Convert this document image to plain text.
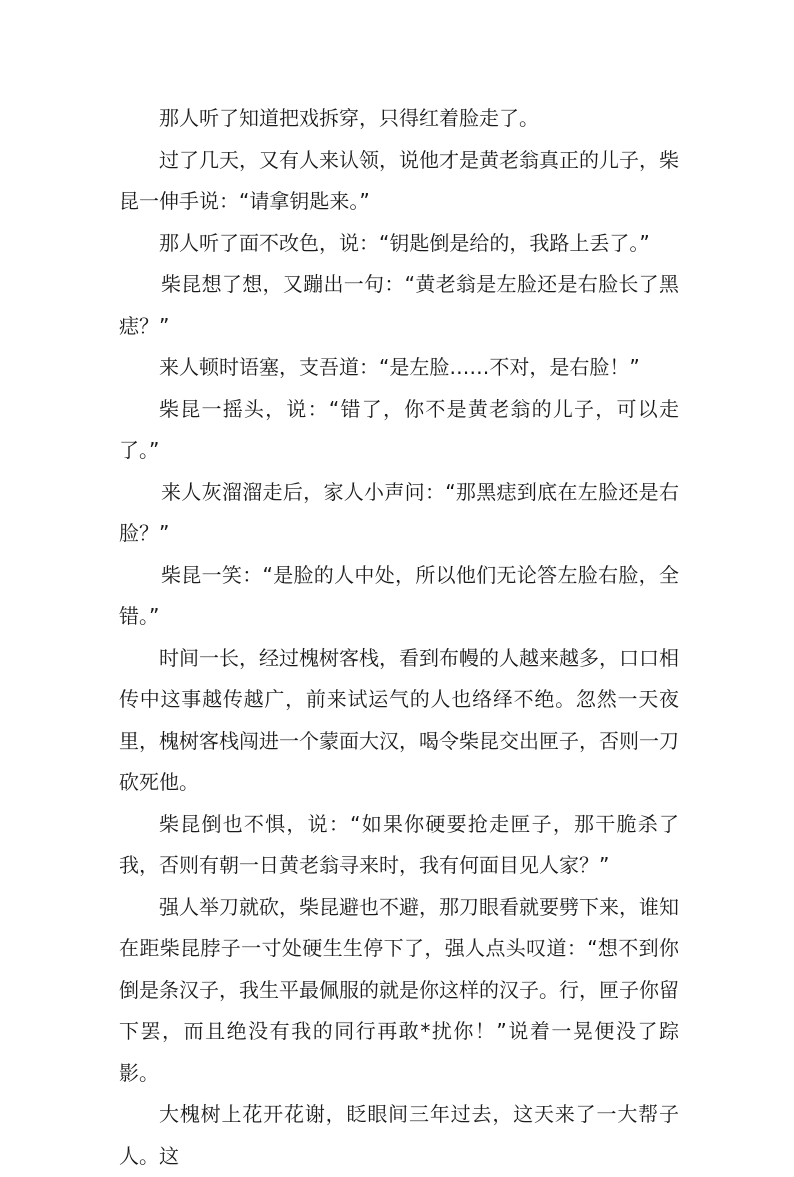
那人听了知道把戏拆穿，只得红着脸走了。

过了几天，又有人来认领，说他才是黄老翁真正的儿子，柴昆一伸手说：“请拿钥匙来。”

那人听了面不改色，说：“钥匙倒是给的，我路上丢了。”

柴昆想了想，又蹦出一句：“黄老翁是左脸还是右脸长了黑痣？”

来人顿时语塞，支吾道：“是左脸……不对，是右脸！”

柴昆一摇头，说：“错了，你不是黄老翁的儿子，可以走了。”

来人灰溜溜走后，家人小声问：“那黑痣到底在左脸还是右脸？”

柴昆一笑：“是脸的人中处，所以他们无论答左脸右脸，全错。”

时间一长，经过槐树客栈，看到布幔的人越来越多，口口相传中这事越传越广，前来试运气的人也络绎不绝。忽然一天夜里，槐树客栈闯进一个蒙面大汉，喝令柴昆交出匣子，否则一刀砍死他。

柴昆倒也不惧，说：“如果你硬要抢走匣子，那干脆杀了我，否则有朝一日黄老翁寻来时，我有何面目见人家？”

强人举刀就砍，柴昆避也不避，那刀眼看就要劈下来，谁知在距柴昆脖子一寸处硬生生停下了，强人点头叹道：“想不到你倒是条汉子，我生平最佩服的就是你这样的汉子。行，匣子你留下罢，而且绝没有我的同行再敢*扰你！”说着一晃便没了踪影。

大槐树上花开花谢，眨眼间三年过去，这天来了一大帮子人。这
